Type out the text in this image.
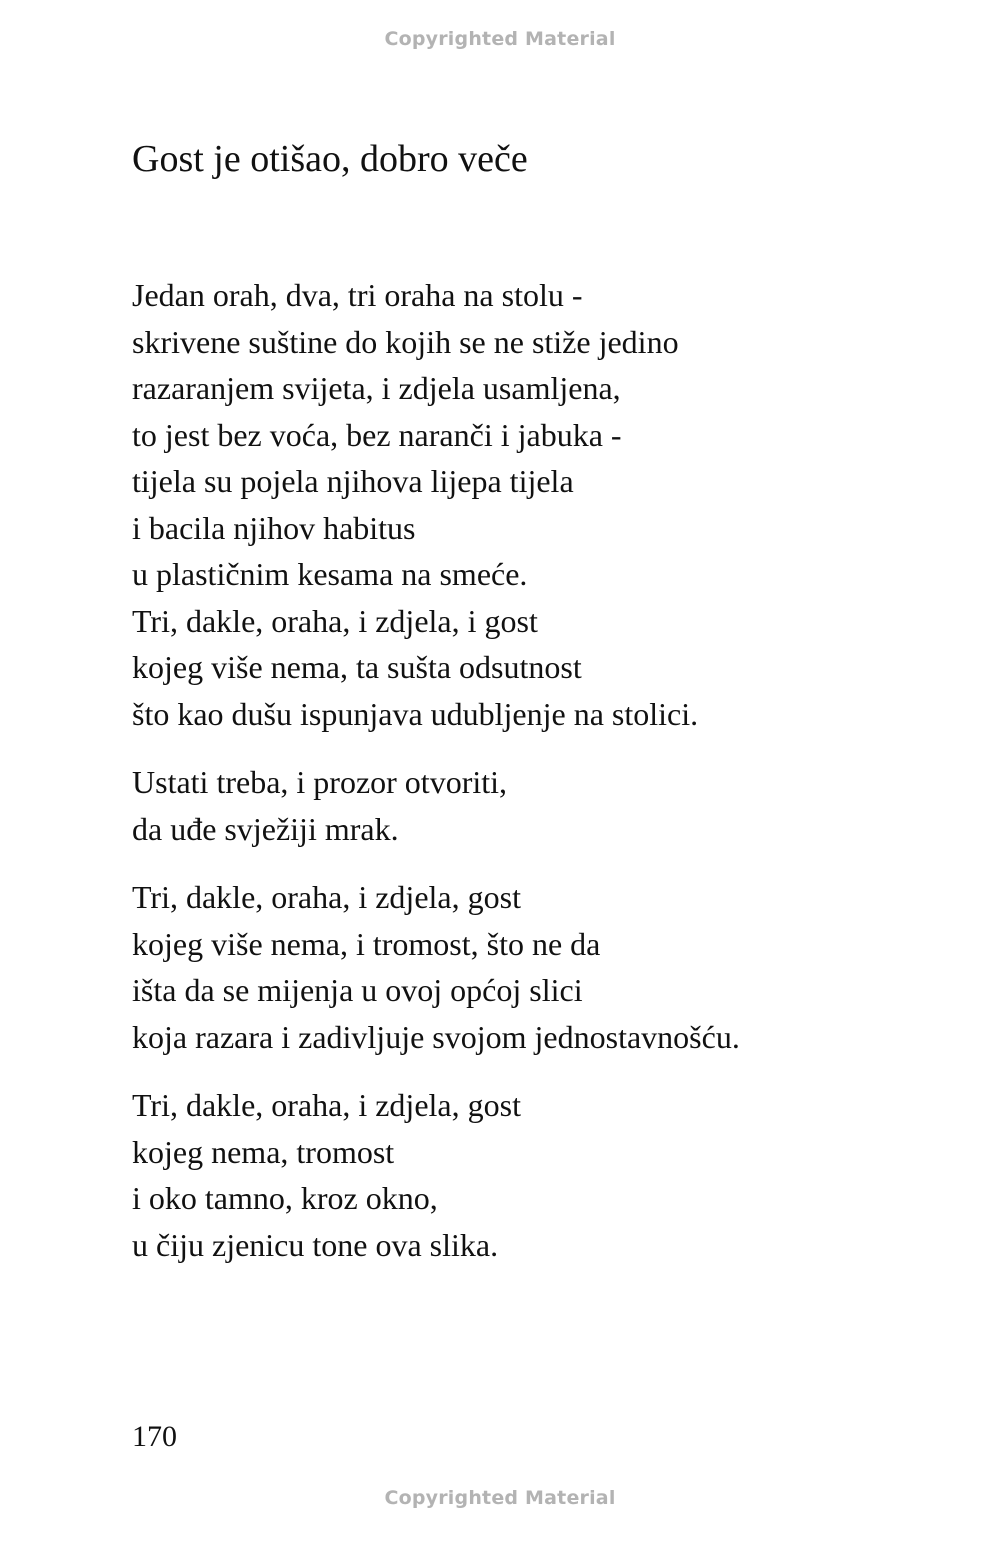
Copyrighted Material
Gost je otišao, dobro veče
Jedan orah, dva, tri oraha na stolu -
skrivene suštine do kojih se ne stiže jedino
razaranjem svijeta, i zdjela usamljena,
to jest bez voća, bez naranči i jabuka -
tijela su pojela njihova lijepa tijela
i bacila njihov habitus
u plastičnim kesama na smeće.
Tri, dakle, oraha, i zdjela, i gost
kojeg više nema, ta sušta odsutnost
što kao dušu ispunjava udubljenje na stolici.
Ustati treba, i prozor otvoriti,
da uđe svježiji mrak.
Tri, dakle, oraha, i zdjela, gost
kojeg više nema, i tromost, što ne da
išta da se mijenja u ovoj općoj slici
koja razara i zadivljuje svojom jednostavnošću.
Tri, dakle, oraha, i zdjela, gost
kojeg nema, tromost
i oko tamno, kroz okno,
u čiju zjenicu tone ova slika.
170
Copyrighted Material
